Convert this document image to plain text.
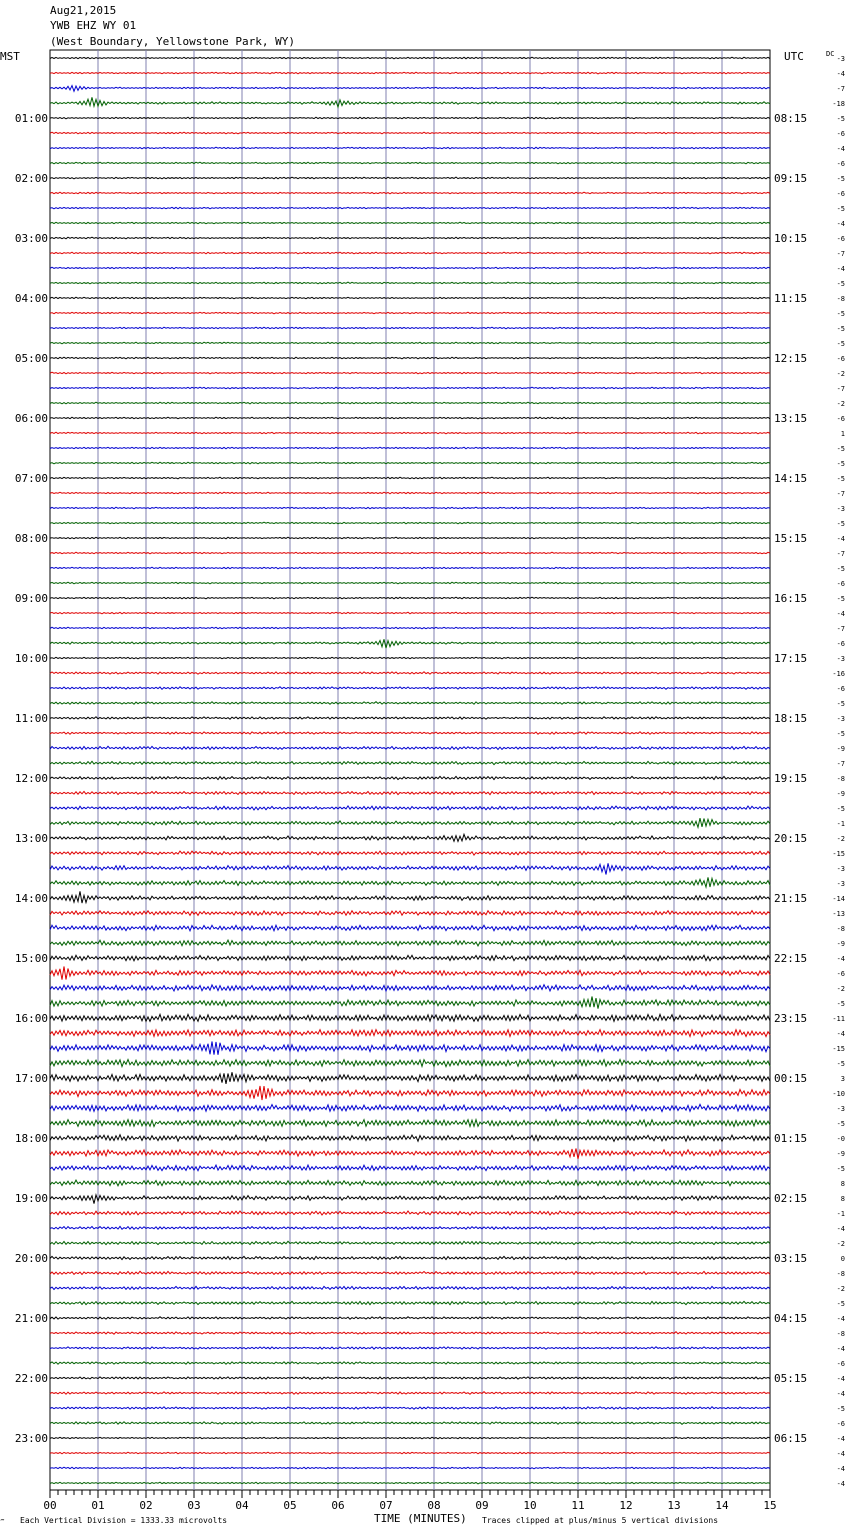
Aug21,2015
YWB EHZ WY 01
(West Boundary, Yellowstone Park, WY)
MST	UTC	DC
01:00
02:00
03:00
04:00
05:00
06:00
07:00
08:00
09:00
10:00
11:00
12:00
13:00
14:00
15:00
16:00
17:00
18:00
19:00
20:00
21:00
22:00
23:00
08:15
09:15
10:15
11:15
12:15
13:15
14:15
15:15
16:15
17:15
18:15
19:15
20:15
21:15
22:15
23:15
00:15
01:15
02:15
03:15
04:15
05:15
06:15
-3
-4
-7
-18
-5
-6
-4
-6
-5
-6
-5
-4
-6
-7
-4
-5
-8
-5
-5
-5
-6
-2
-7
-2
-6
1
-5
-5
-5
-7
-3
-5
-4
-7
-5
-6
-5
-4
-7
-6
-3
-16
-6
-5
-3
-5
-9
-7
-8
-9
-5
-1
-2
-15
-3
-3
-14
-13
-8
-9
-4
-6
-2
-5
-11
-4
-15
-5
3
-10
-3
-5
-0
-9
-5
8
8
-1
-4
-2
0
-8
-2
-5
-4
-8
-4
-6
-4
-4
-5
-6
-4
-4
-4
-4
00	01	02	03	04	05	06	07	08	09	10	11	12	13	14	15
‴ Each Vertical Division = 1333.33 microvolts	TIME (MINUTES) Traces clipped at plus/minus 5 vertical divisions
